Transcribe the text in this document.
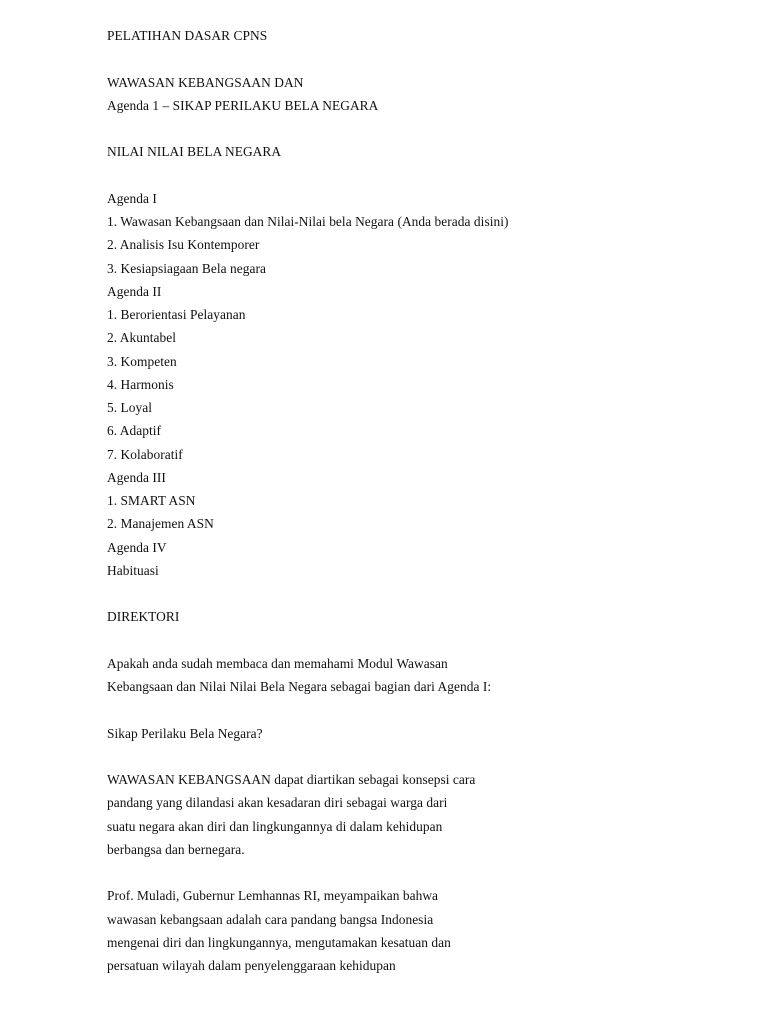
PELATIHAN DASAR CPNS
WAWASAN KEBANGSAAN DAN
Agenda 1 – SIKAP PERILAKU BELA NEGARA
NILAI NILAI BELA NEGARA
Agenda I
1. Wawasan Kebangsaan dan Nilai-Nilai bela Negara (Anda berada disini)
2. Analisis Isu Kontemporer
3. Kesiapsiagaan Bela negara
Agenda II
1. Berorientasi Pelayanan
2. Akuntabel
3. Kompeten
4. Harmonis
5. Loyal
6. Adaptif
7. Kolaboratif
Agenda III
1. SMART ASN
2. Manajemen ASN
Agenda IV
Habituasi
DIREKTORI
Apakah anda sudah membaca dan memahami Modul Wawasan
Kebangsaan dan Nilai Nilai Bela Negara sebagai bagian dari Agenda I:
Sikap Perilaku Bela Negara?
WAWASAN KEBANGSAAN dapat diartikan sebagai konsepsi cara
pandang yang dilandasi akan kesadaran diri sebagai warga dari
suatu negara akan diri dan lingkungannya di dalam kehidupan
berbangsa dan bernegara.
Prof. Muladi, Gubernur Lemhannas RI, meyampaikan bahwa
wawasan kebangsaan adalah cara pandang bangsa Indonesia
mengenai diri dan lingkungannya, mengutamakan kesatuan dan
persatuan wilayah dalam penyelenggaraan kehidupan
